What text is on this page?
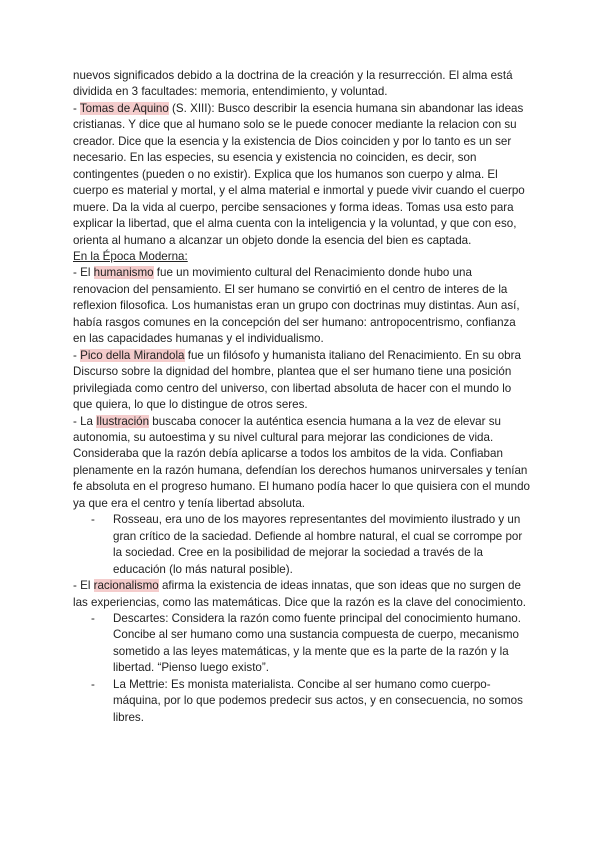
nuevos significados debido a la doctrina de la creación y la resurrección. El alma está dividida en 3 facultades: memoria, entendimiento, y voluntad.

- Tomas de Aquino (S. XIII): Busco describir la esencia humana sin abandonar las ideas cristianas. Y dice que al humano solo se le puede conocer mediante la relacion con su creador. Dice que la esencia y la existencia de Dios coinciden y por lo tanto es un ser necesario. En las especies, su esencia y existencia no coinciden, es decir, son contingentes (pueden o no existir). Explica que los humanos son cuerpo y alma. El cuerpo es material y mortal, y el alma material e inmortal y puede vivir cuando el cuerpo muere. Da la vida al cuerpo, percibe sensaciones y forma ideas. Tomas usa esto para explicar la libertad, que el alma cuenta con la inteligencia y la voluntad, y que con eso, orienta al humano a alcanzar un objeto donde la esencia del bien es captada.

En la Época Moderna:

- El humanismo fue un movimiento cultural del Renacimiento donde hubo una renovacion del pensamiento. El ser humano se convirtió en el centro de interes de la reflexion filosofica. Los humanistas eran un grupo con doctrinas muy distintas. Aun así, había rasgos comunes en la concepción del ser humano: antropocentrismo, confianza en las capacidades humanas y el individualismo.

- Pico della Mirandola fue un filósofo y humanista italiano del Renacimiento. En su obra Discurso sobre la dignidad del hombre, plantea que el ser humano tiene una posición privilegiada como centro del universo, con libertad absoluta de hacer con el mundo lo que quiera, lo que lo distingue de otros seres.

- La Ilustración buscaba conocer la auténtica esencia humana a la vez de elevar su autonomia, su autoestima y su nivel cultural para mejorar las condiciones de vida. Consideraba que la razón debía aplicarse a todos los ambitos de la vida. Confiaban plenamente en la razón humana, defendían los derechos humanos unirversales y tenían fe absoluta en el progreso humano. El humano podía hacer lo que quisiera con el mundo ya que era el centro y tenía libertad absoluta.

- Rosseau, era uno de los mayores representantes del movimiento ilustrado y un gran crítico de la saciedad. Defiende al hombre natural, el cual se corrompe por la sociedad. Cree en la posibilidad de mejorar la sociedad a través de la educación (lo más natural posible).

- El racionalismo afirma la existencia de ideas innatas, que son ideas que no surgen de las experiencias, como las matemáticas. Dice que la razón es la clave del conocimiento.

- Descartes: Considera la razón como fuente principal del conocimiento humano. Concibe al ser humano como una sustancia compuesta de cuerpo, mecanismo sometido a las leyes matemáticas, y la mente que es la parte de la razón y la libertad. “Pienso luego existo”.
- La Mettrie: Es monista materialista. Concibe al ser humano como cuerpo-máquina, por lo que podemos predecir sus actos, y en consecuencia, no somos libres.
